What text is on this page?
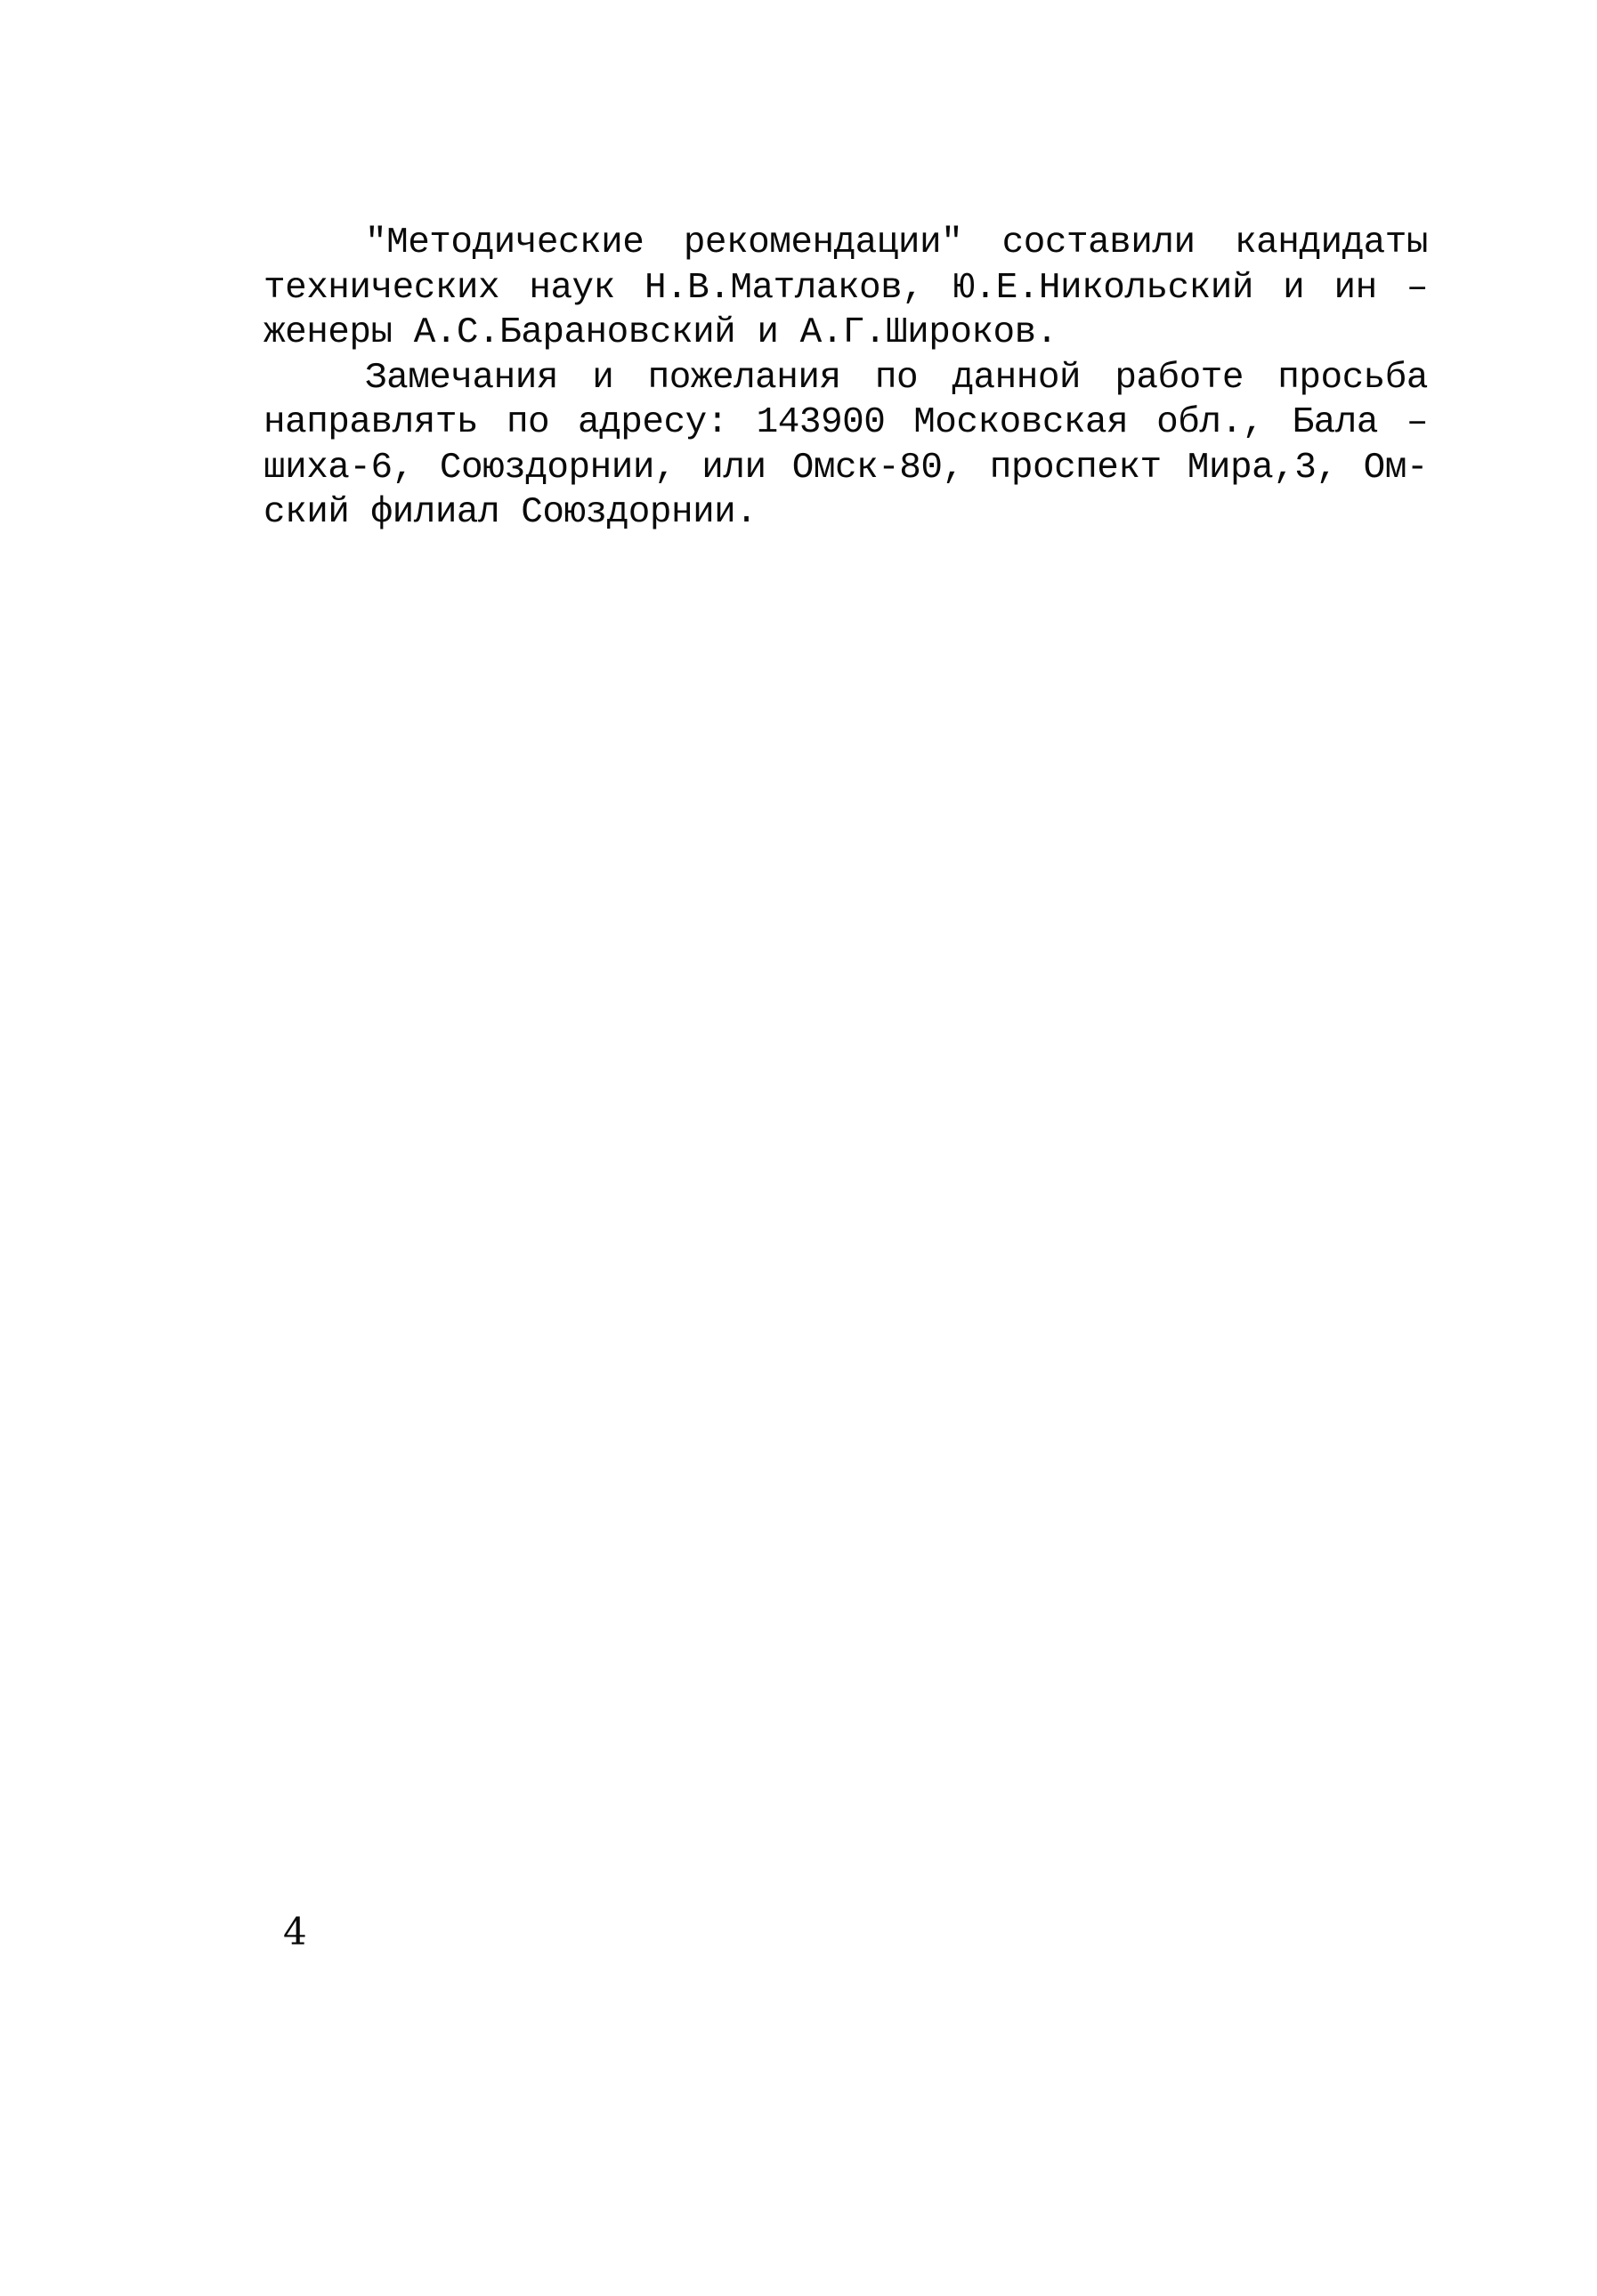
"Методические рекомендации" составили кандидаты
технических наук Н.В.Матлаков, Ю.Е.Никольский и ин –
женеры А.С.Барановский и А.Г.Широков.
Замечания и пожелания по данной работе просьба
направлять по адресу: 143900 Московская обл., Бала –
шиха-6, Союздорнии, или Омск-80, проспект Мира,3, Ом-
ский филиал Союздорнии.
4
